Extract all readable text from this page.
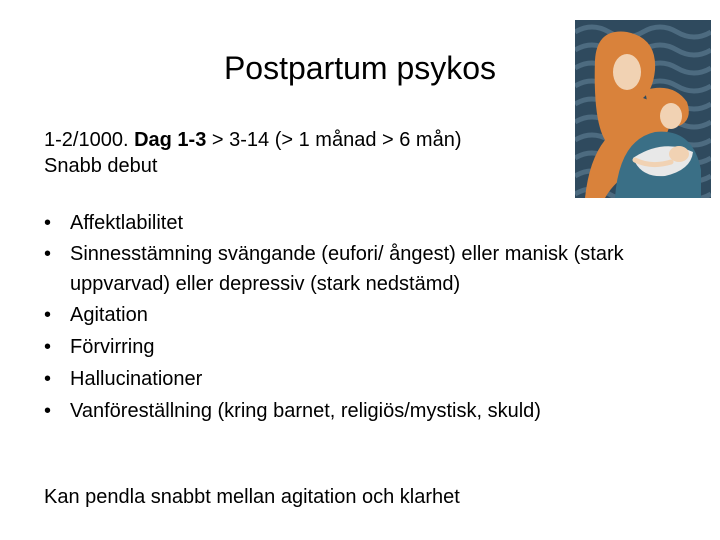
Postpartum psykos
1-2/1000. Dag 1-3 > 3-14 (> 1 månad > 6 mån)
Snabb debut
• Affektlabilitet
• Sinnesstämning svängande (eufori/ ångest) eller manisk (stark uppvarvad) eller depressiv (stark nedstämd)
• Agitation
• Förvirring
• Hallucinationer
• Vanföreställning (kring barnet, religiös/mystisk, skuld)
Kan pendla snabbt mellan agitation och klarhet
